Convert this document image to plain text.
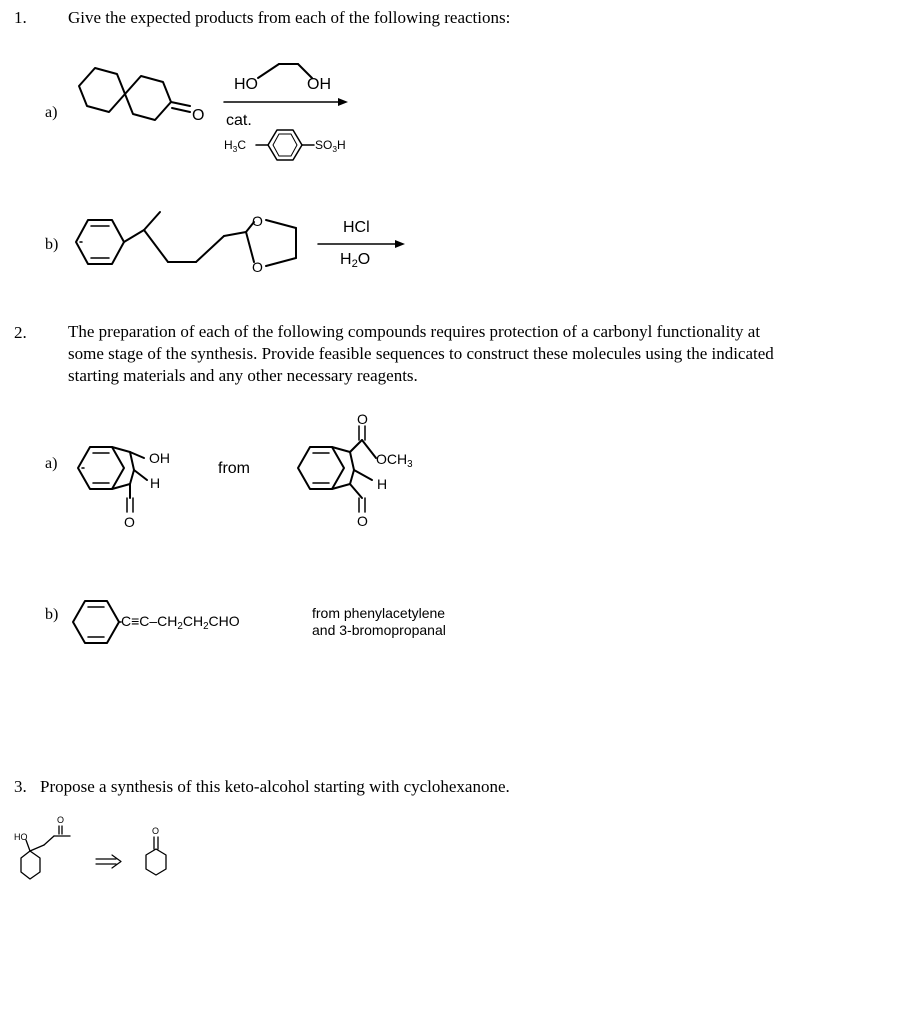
1. Give the expected products from each of the following reactions:
a)
b)
HO	OH
cat.
$H_3C$	$SO_3H$
O
HCl
$H_2O$
O
O
2. The preparation of each of the following compounds requires protection of a carbonyl functionality at
some stage of the synthesis. Provide feasible sequences to construct these molecules using the indicated
starting materials and any other necessary reagents.
a)
b)
OH
H
O
from
O
$OCH_3$
H
O
$C\equiv C-CH_2CH_2CHO$	from phenylacetylene
and 3-bromopropanal
3. Propose a synthesis of this keto-alcohol starting with cyclohexanone.
HO
O
O
